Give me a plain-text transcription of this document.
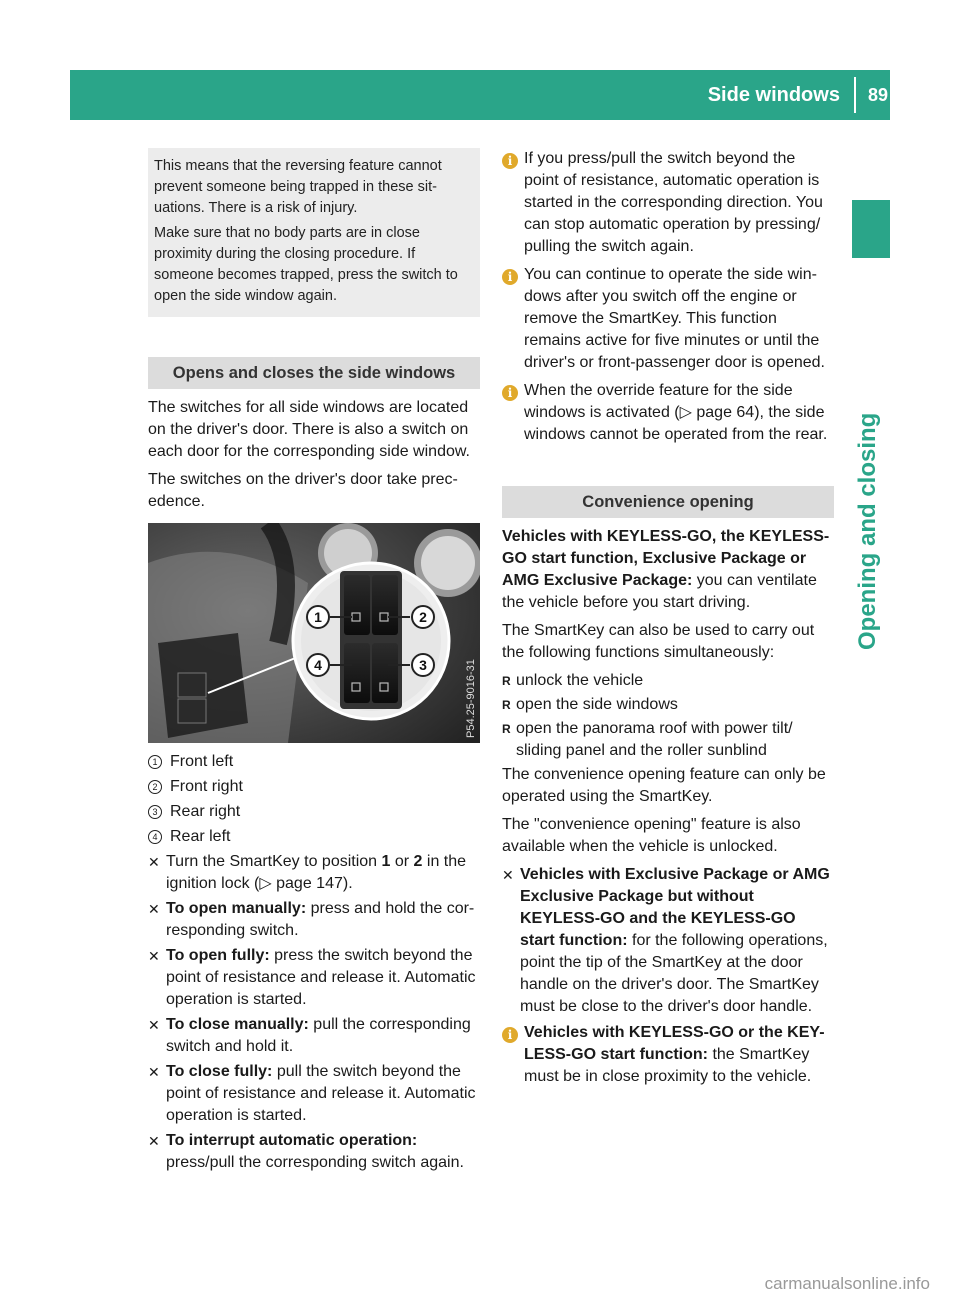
Side windows	89
Opening and closing

This means that the reversing feature cannot prevent someone being trapped in these sit-uations. There is a risk of injury.

Make sure that no body parts are in close proximity during the closing procedure. If someone becomes trapped, press the switch to open the side window again.

Opens and closes the side windows

The switches for all side windows are located on the driver's door. There is also a switch on each door for the corresponding side window.

The switches on the driver's door take prec-edence.

1	2
3
4	P54.25-9016-31
1 Front left
2 Front right
3 Rear right
4 Rear left
✕ Turn the SmartKey to position 1 or 2 in the ignition lock (▷ page 147).
✕ To open manually: press and hold the cor-responding switch.
✕ To open fully: press the switch beyond the point of resistance and release it. Automatic operation is started.
✕ To close manually: pull the corresponding switch and hold it.
✕ To close fully: pull the switch beyond the point of resistance and release it. Automatic operation is started.
✕ To interrupt automatic operation: press/pull the corresponding switch again.
i If you press/pull the switch beyond the point of resistance, automatic operation is started in the corresponding direction. You can stop automatic operation by pressing/ pulling the switch again.
i You can continue to operate the side win-dows after you switch off the engine or remove the SmartKey. This function remains active for five minutes or until the driver's or front-passenger door is opened.
i When the override feature for the side windows is activated (▷ page 64), the side windows cannot be operated from the rear.
Convenience opening

Vehicles with KEYLESS-GO, the KEYLESS-GO start function, Exclusive Package or AMG Exclusive Package: you can ventilate the vehicle before you start driving.

The SmartKey can also be used to carry out the following functions simultaneously:

R unlock the vehicle
R open the side windows
R open the panorama roof with power tilt/ sliding panel and the roller sunblind

The convenience opening feature can only be operated using the SmartKey.

The "convenience opening" feature is also available when the vehicle is unlocked.

✕ Vehicles with Exclusive Package or AMG Exclusive Package but without KEYLESS-GO and the KEYLESS-GO start function: for the following operations, point the tip of the SmartKey at the door handle on the driver's door. The SmartKey must be close to the driver's door handle.
i Vehicles with KEYLESS-GO or the KEY-LESS-GO start function: the SmartKey must be in close proximity to the vehicle.
carmanualsonline.info
